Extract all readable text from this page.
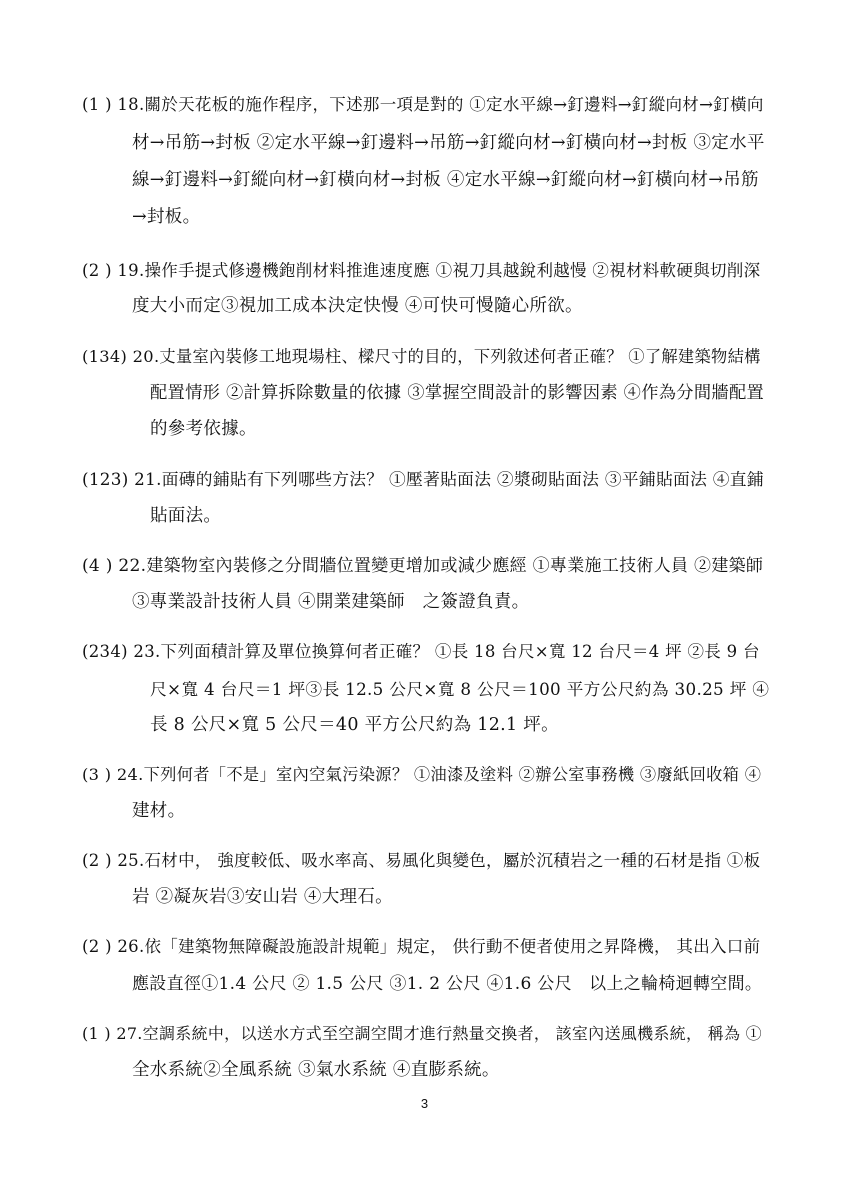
(1 ) 18.關於天花板的施作程序，下述那一項是對的 ①定水平線→釘邊料→釘縱向材→釘橫向
材→吊筋→封板 ②定水平線→釘邊料→吊筋→釘縱向材→釘橫向材→封板 ③定水平
線→釘邊料→釘縱向材→釘橫向材→封板 ④定水平線→釘縱向材→釘橫向材→吊筋
→封板。
(2 ) 19.操作手提式修邊機鉋削材料推進速度應 ①視刀具越銳利越慢 ②視材料軟硬與切削深
度大小而定③視加工成本決定快慢 ④可快可慢隨心所欲。
(134) 20.丈量室內裝修工地現場柱、樑尺寸的目的，下列敘述何者正確？ ①了解建築物結構
配置情形 ②計算拆除數量的依據 ③掌握空間設計的影響因素 ④作為分間牆配置
的參考依據。
(123) 21.面磚的鋪貼有下列哪些方法？ ①壓著貼面法 ②漿砌貼面法 ③平鋪貼面法 ④直鋪
貼面法。
(4 ) 22.建築物室內裝修之分間牆位置變更增加或減少應經 ①專業施工技術人員 ②建築師
③專業設計技術人員 ④開業建築師　之簽證負責。
(234) 23.下列面積計算及單位換算何者正確？ ①長 18 台尺×寬 12 台尺＝4 坪 ②長 9 台
尺×寬 4 台尺＝1 坪③長 12.5 公尺×寬 8 公尺＝100 平方公尺約為 30.25 坪 ④
長 8 公尺×寬 5 公尺＝40 平方公尺約為 12.1 坪。
(3 ) 24.下列何者「不是」室內空氣污染源？ ①油漆及塗料 ②辦公室事務機 ③廢紙回收箱 ④
建材。
(2 ) 25.石材中， 強度較低、吸水率高、易風化與變色，屬於沉積岩之一種的石材是指 ①板
岩 ②凝灰岩③安山岩 ④大理石。
(2 ) 26.依「建築物無障礙設施設計規範」規定， 供行動不便者使用之昇降機， 其出入口前
應設直徑①1.4 公尺 ② 1.5 公尺 ③1. 2 公尺 ④1.6 公尺　以上之輪椅迴轉空間。
(1 ) 27.空調系統中，以送水方式至空調空間才進行熱量交換者， 該室內送風機系統， 稱為 ①
全水系統②全風系統 ③氣水系統 ④直膨系統。
3
